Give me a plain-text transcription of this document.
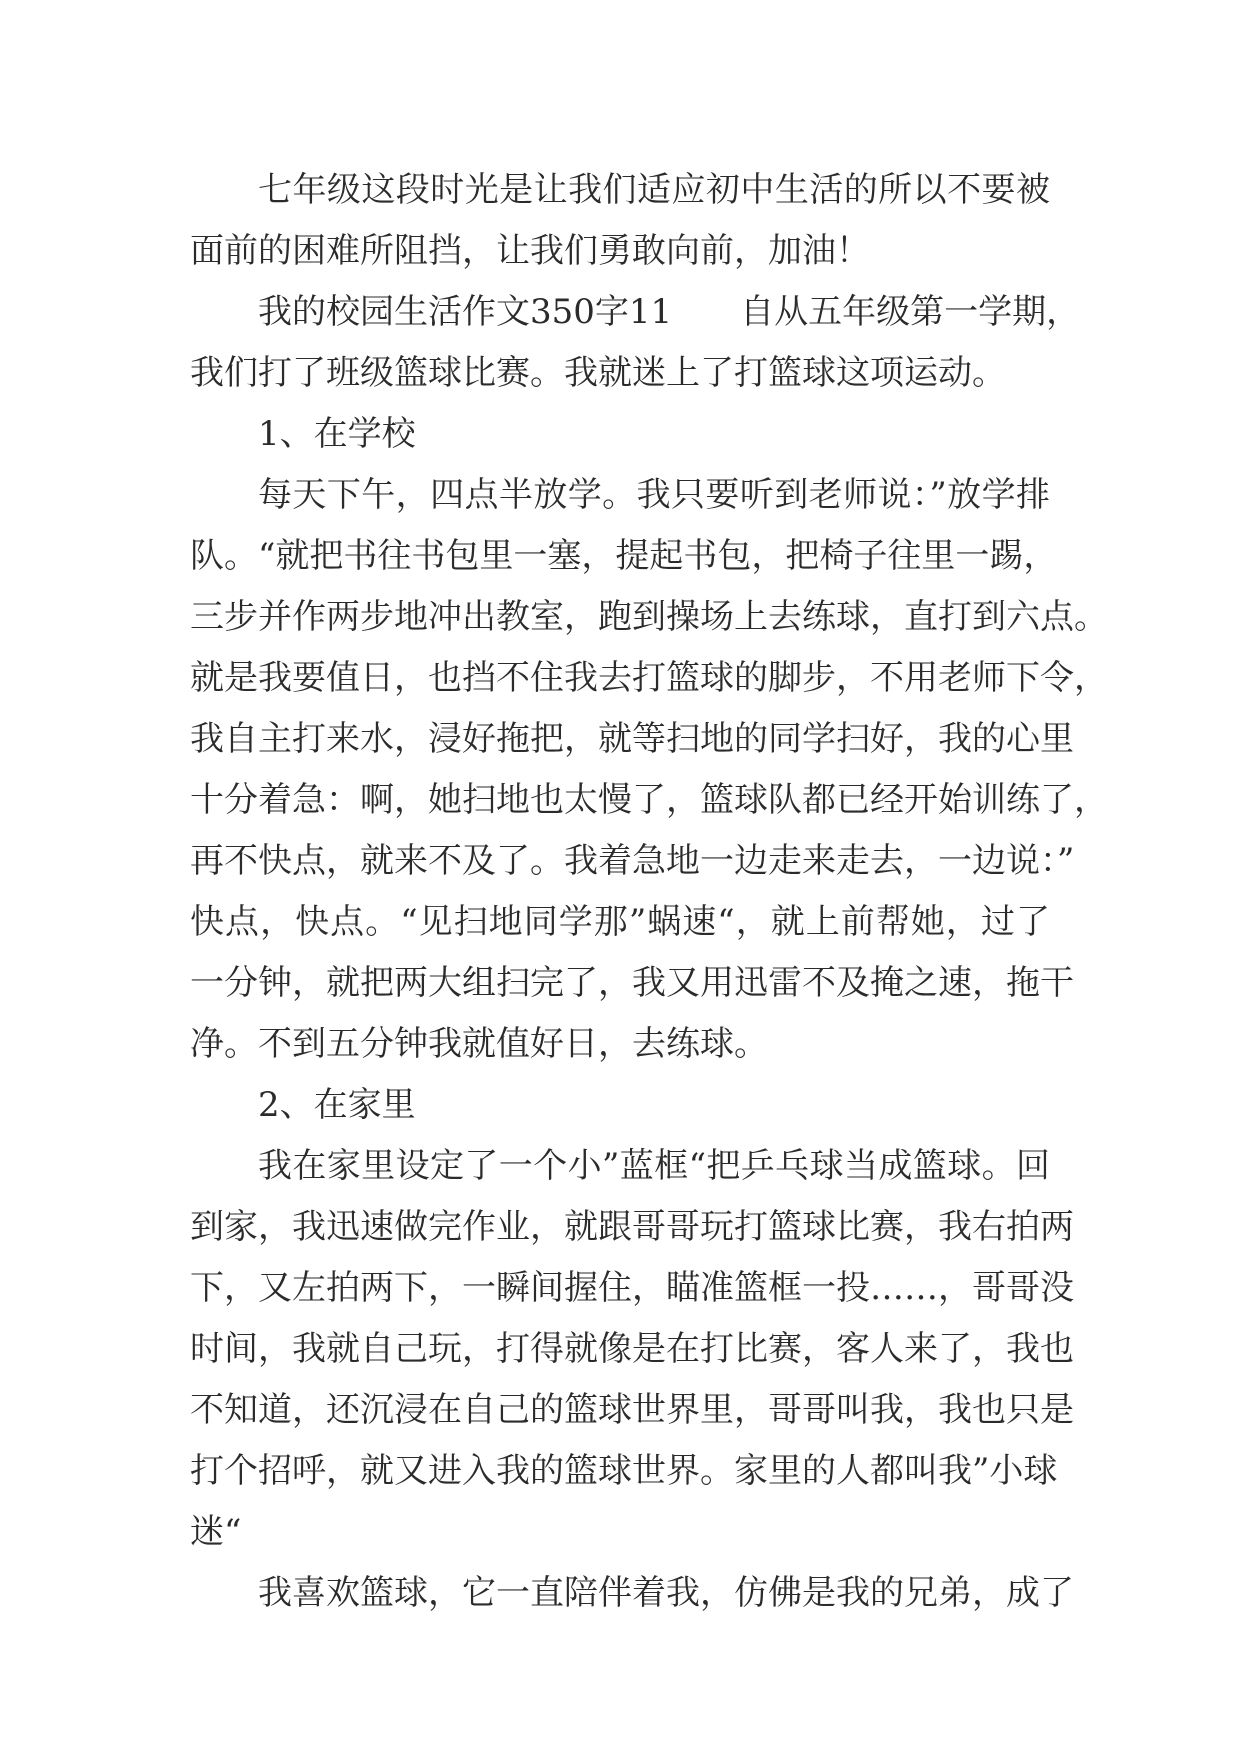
七年级这段时光是让我们适应初中生活的所以不要被
面前的困难所阻挡，让我们勇敢向前，加油！
我的校园生活作文350字11 自从五年级第一学期，
我们打了班级篮球比赛。我就迷上了打篮球这项运动。
1、在学校
每天下午，四点半放学。我只要听到老师说：”放学排
队。“就把书往书包里一塞，提起书包，把椅子往里一踢，
三步并作两步地冲出教室，跑到操场上去练球，直打到六点。
就是我要值日，也挡不住我去打篮球的脚步，不用老师下令，
我自主打来水，浸好拖把，就等扫地的同学扫好，我的心里
十分着急：啊，她扫地也太慢了，篮球队都已经开始训练了，
再不快点，就来不及了。我着急地一边走来走去，一边说：”
快点，快点。“见扫地同学那”蜗速“，就上前帮她，过了
一分钟，就把两大组扫完了，我又用迅雷不及掩之速，拖干
净。不到五分钟我就值好日，去练球。
2、在家里
我在家里设定了一个小”蓝框“把乒乓球当成篮球。回
到家，我迅速做完作业，就跟哥哥玩打篮球比赛，我右拍两
下，又左拍两下，一瞬间握住，瞄准篮框一投……，哥哥没
时间，我就自己玩，打得就像是在打比赛，客人来了，我也
不知道，还沉浸在自己的篮球世界里，哥哥叫我，我也只是
打个招呼，就又进入我的篮球世界。家里的人都叫我”小球
迷“
我喜欢篮球，它一直陪伴着我，仿佛是我的兄弟，成了
